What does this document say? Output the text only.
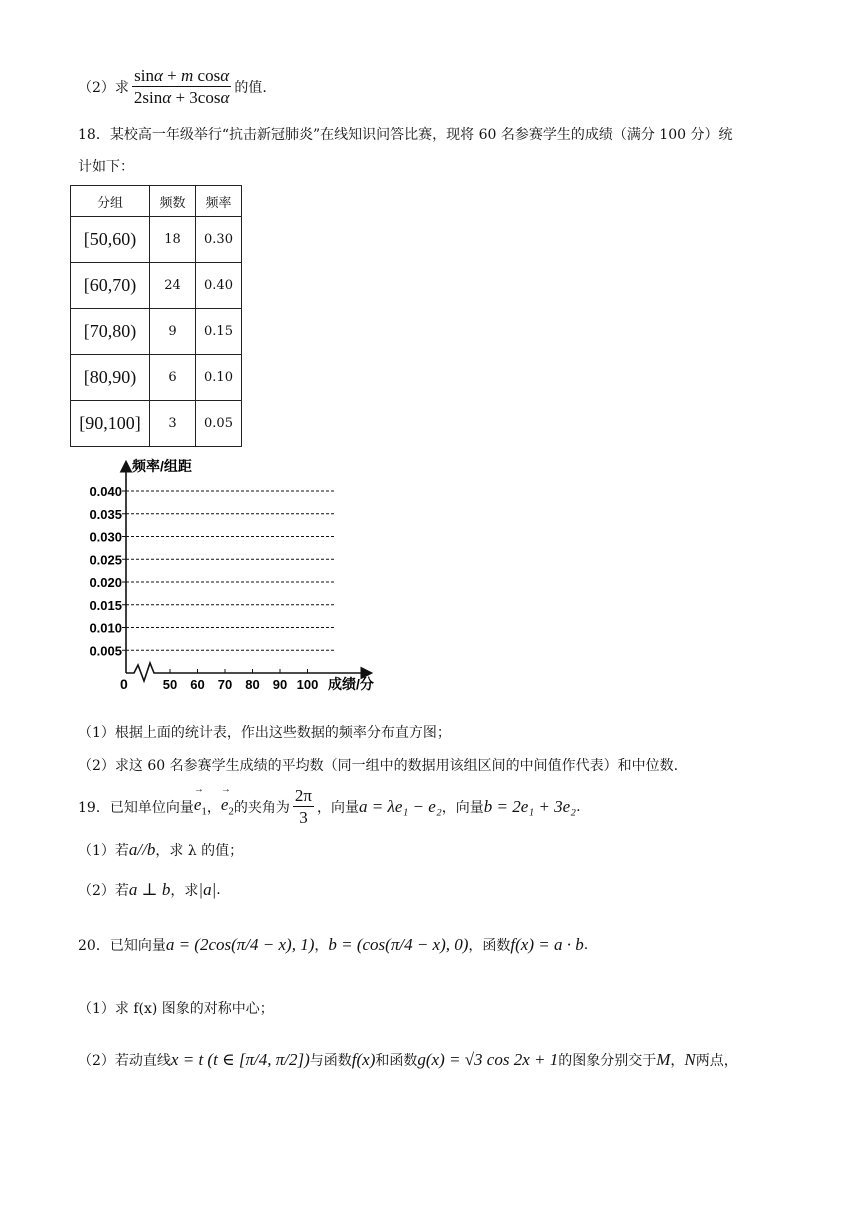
（2）求 $\frac{\text{sinα + m cosα}}{2\sin\alpha + 3\cos\alpha}$ 的值.
18．某校高一年级举行“抗击新冠肺炎”在线知识问答比赛，现将 60 名参赛学生的成绩（满分 100 分）统
计如下：
分组	频数	频率
[50,60)	18	0.30
[60,70)	24	0.40
[70,80)	9	0.15
[80,90)	6	0.10
[90,100]	3	0.05
0.005
0.010
0.015
0.020
0.025
0.030
0.035
0.040
50 60 70 80 90 100
频率/组距
成绩/分
0
（1）根据上面的统计表，作出这些数据的频率分布直方图；
（2）求这 60 名参赛学生成绩的平均数（同一组中的数据用该组区间的中间值作代表）和中位数.
19．已知单位向量 → $e_1$ ， → $e_2$ 的夹角为 $\frac{2\pi}{3}$ ，向量 a = λe₁ − e₂ ，向量 b = 2e₁ + 3e₂ .
（1）若 a//b ，求 λ 的值；
（2）若 a ⊥ b ，求 |a| .
20．已知向量 a = (2cos(π/4 − x), 1) ， b = (cos(π/4 − x), 0) ，函数 f(x) = a · b .
（1）求 f(x) 图象的对称中心；
（2）若动直线 x = t (t ∈ [π/4, π/2]) 与函数 f(x) 和函数 g(x) = √3 cos 2x + 1 的图象分别交于 M ， N 两点，
